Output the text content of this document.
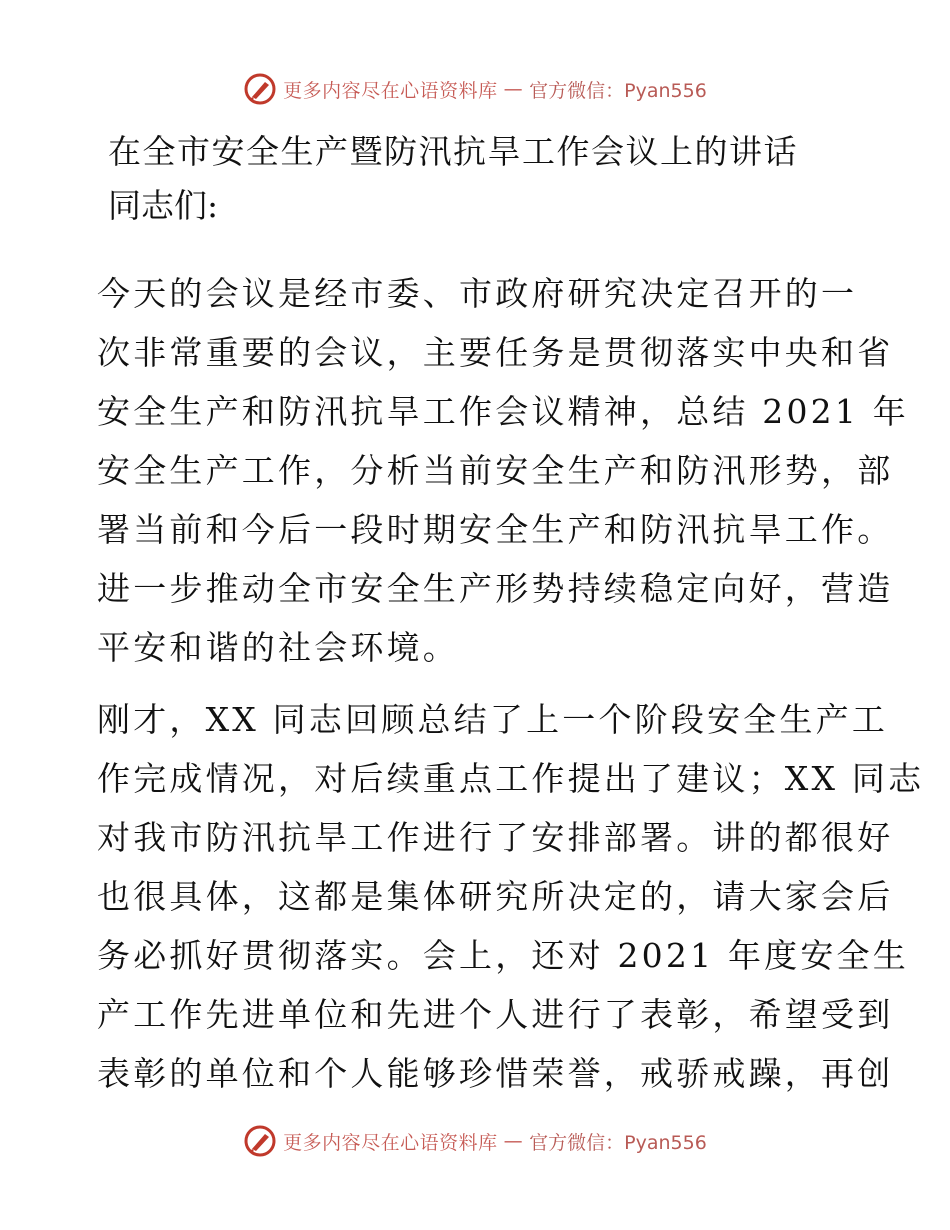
更多内容尽在心语资料库 — 官方微信：Pyan556
在全市安全生产暨防汛抗旱工作会议上的讲话
同志们:
今天的会议是经市委、市政府研究决定召开的一
次非常重要的会议，主要任务是贯彻落实中央和省
安全生产和防汛抗旱工作会议精神，总结 2021 年
安全生产工作，分析当前安全生产和防汛形势，部
署当前和今后一段时期安全生产和防汛抗旱工作。
进一步推动全市安全生产形势持续稳定向好，营造
平安和谐的社会环境。
刚才，XX 同志回顾总结了上一个阶段安全生产工
作完成情况，对后续重点工作提出了建议；XX 同志
对我市防汛抗旱工作进行了安排部署。讲的都很好
也很具体，这都是集体研究所决定的，请大家会后
务必抓好贯彻落实。会上，还对 2021 年度安全生
产工作先进单位和先进个人进行了表彰，希望受到
表彰的单位和个人能够珍惜荣誉，戒骄戒躁，再创
更多内容尽在心语资料库 — 官方微信：Pyan556
